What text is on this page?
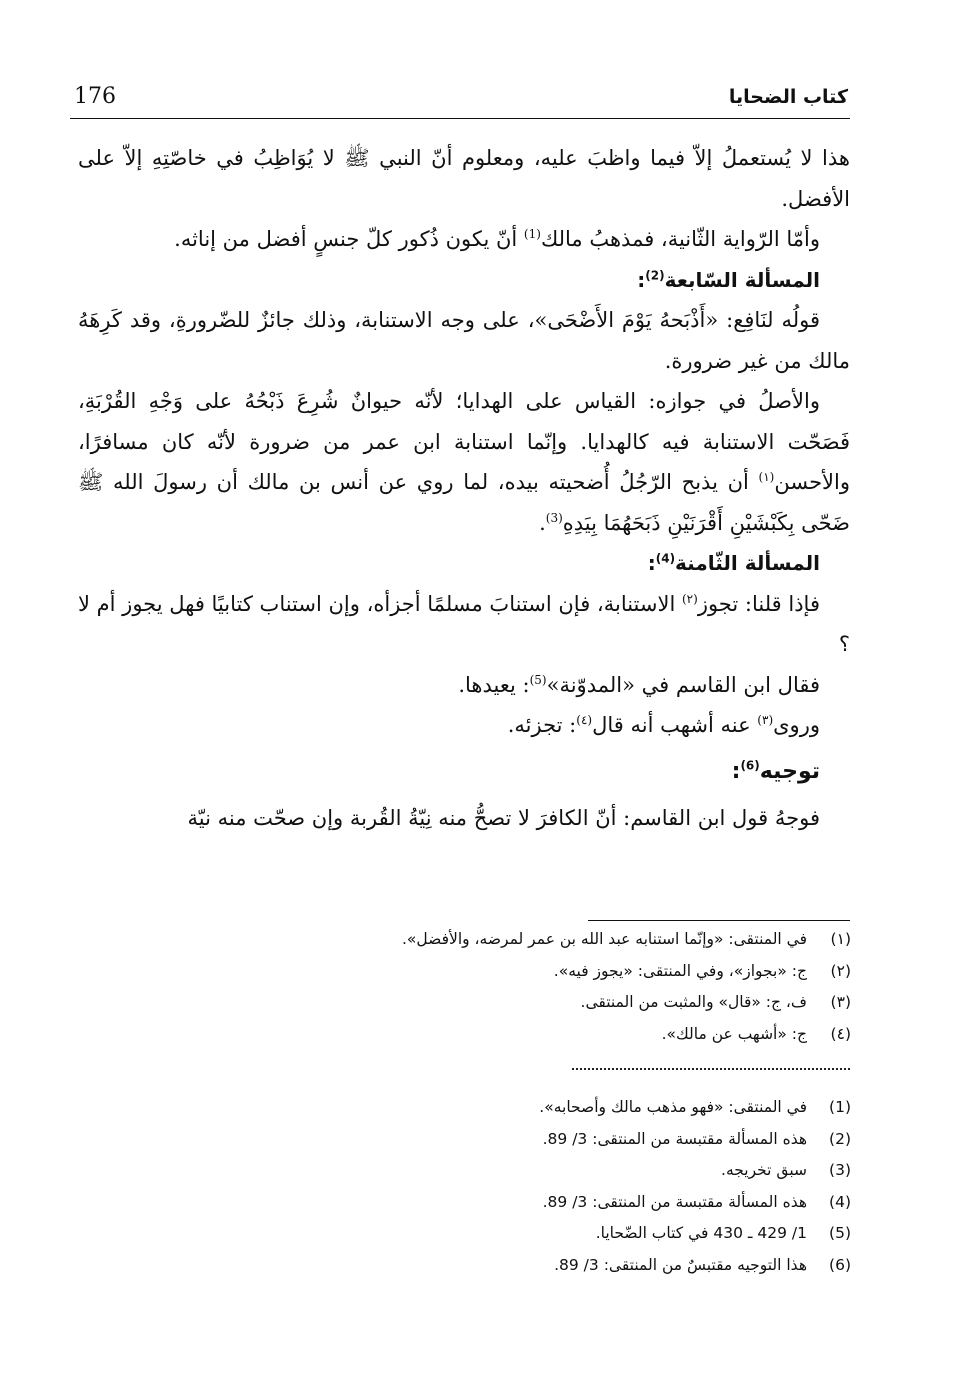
176	كتاب الضحايا

هذا لا يُستعملُ إلاّ فيما واظبَ عليه، ومعلوم أنّ النبي ﷺ لا يُوَاظِبُ في خاصّتِهِ إلاّ على الأفضل.

وأمّا الرّواية الثّانية، فمذهبُ مالك$^{(1)}$ أنّ يكون ذُكور كلّ جنسٍ أفضل من إناثه.

المسألة السّابعة$^{(2)}$:

قولُه لنَافِع: «أَذْبَحهُ يَوْمَ الأَضْحَى»، على وجه الاستنابة، وذلك جائزٌ للضّرورةِ، وقد كَرِهَهُ مالك من غير ضرورة.

والأصلُ في جوازه: القياس على الهدايا؛ لأنّه حيوانٌ شُرِعَ ذَبْحُهُ على وَجْهِ القُرْبَةِ، فَصَحّت الاستنابة فيه كالهدايا. وإنّما استنابة ابن عمر من ضرورة لأنّه كان مسافرًا، والأحسن$^{(١)}$ أن يذبح الرّجُلُ أُضحيته بيده، لما روي عن أنس بن مالك أن رسولَ الله ﷺ ضَحّى بِكَبْشَيْنِ أَقْرَنَيْنِ ذَبَحَهُمَا بِيَدِهِ$^{(3)}$.

المسألة الثّامنة$^{(4)}$:

فإذا قلنا: تجوز$^{(٢)}$ الاستنابة، فإن استنابَ مسلمًا أجزأه، وإن استناب كتابيًا فهل يجوز أم لا ؟

فقال ابن القاسم في «المدوّنة»$^{(5)}$: يعيدها.

وروى$^{(٣)}$ عنه أشهب أنه قال$^{(٤)}$: تجزئه.

توجيه$^{(6)}$:

فوجهُ قول ابن القاسم: أنّ الكافرَ لا تصحُّ منه نِيّةُ القُربة وإن صحّت منه نيّة

(١)في المنتقى: «وإنّما استنابه عبد الله بن عمر لمرضه، والأفضل».
(٢)ج: «بجواز»، وفي المنتقى: «يجوز فيه».
(٣)ف، ج: «قال» والمثبت من المنتقى.
(٤)ج: «أشهب عن مالك».
(1)في المنتقى: «فهو مذهب مالك وأصحابه».
(2)هذه المسألة مقتبسة من المنتقى: 3/ 89.
(3)سبق تخريجه.
(4)هذه المسألة مقتبسة من المنتقى: 3/ 89.
(5)1/ 429 ـ 430 في كتاب الضّحايا.
(6)هذا التوجيه مقتبسٌ من المنتقى: 3/ 89.
